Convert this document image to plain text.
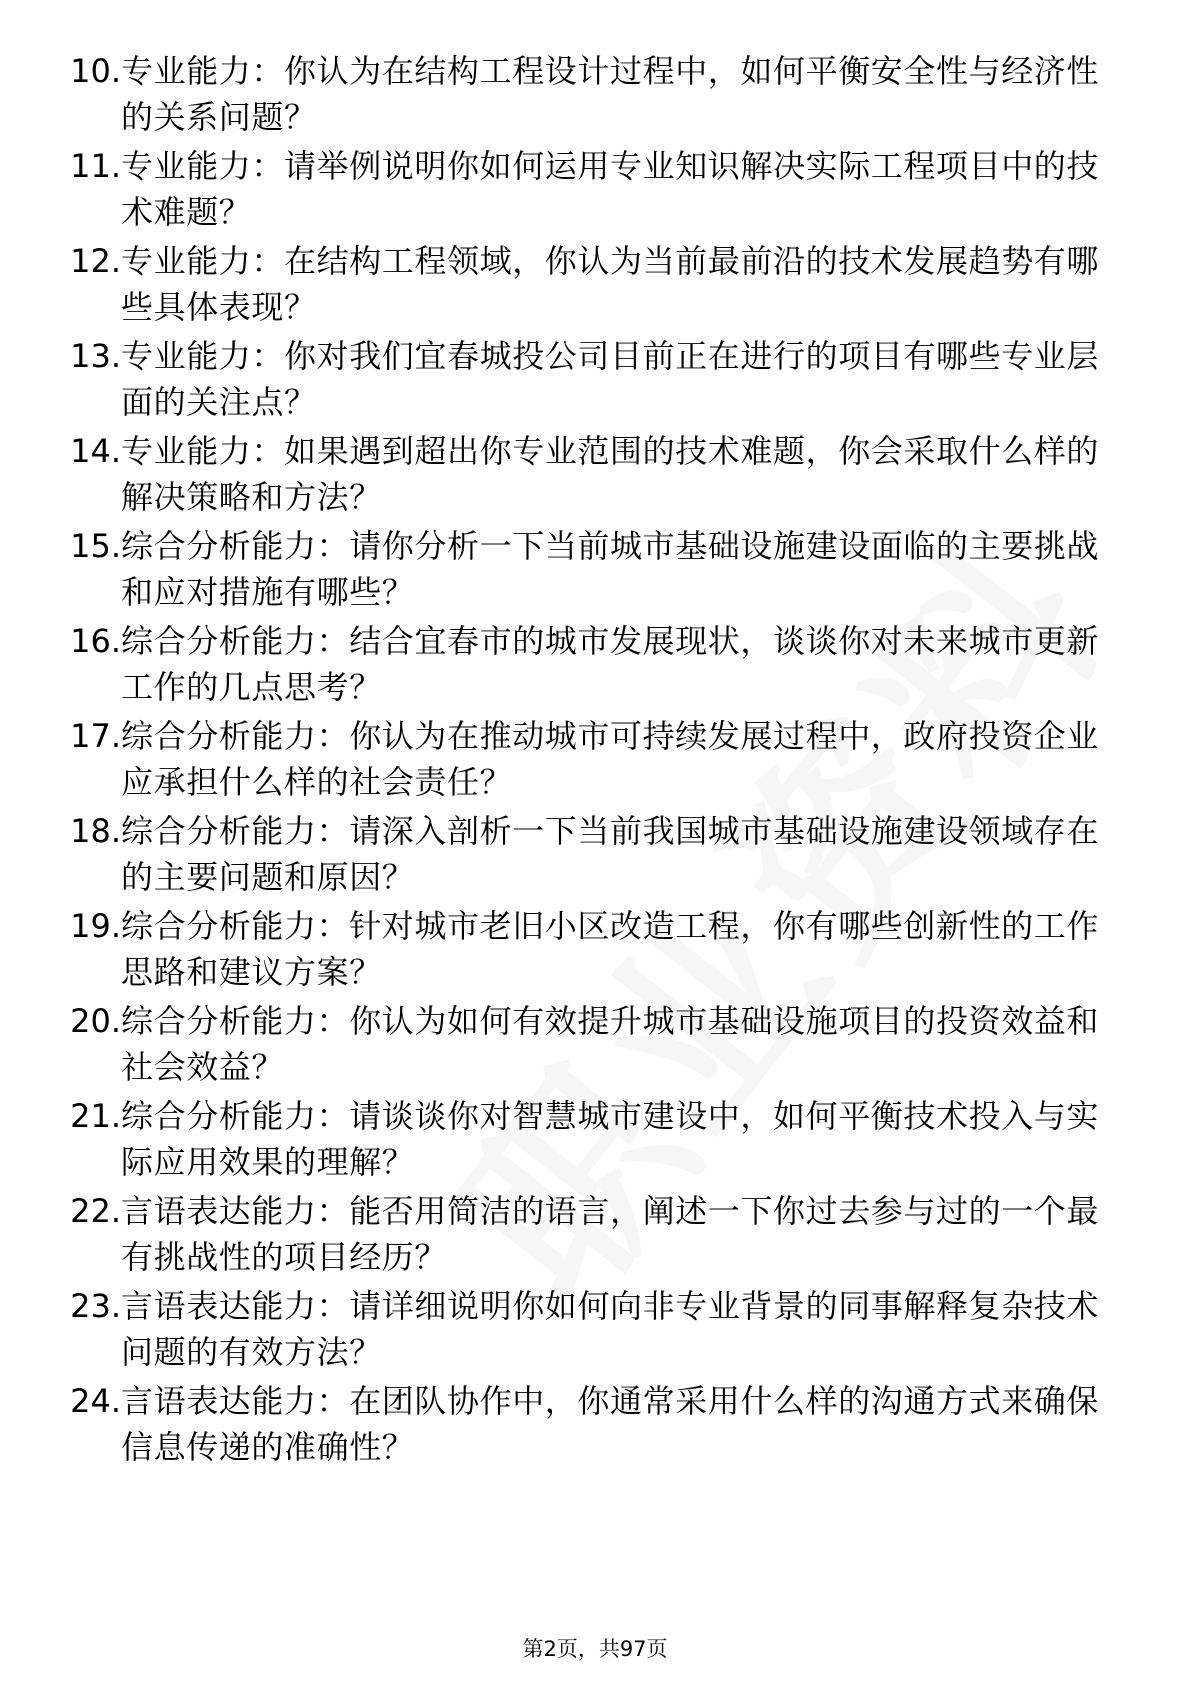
10. 专业能力：你认为在结构工程设计过程中，如何平衡安全性与经济性的关系问题？
11. 专业能力：请举例说明你如何运用专业知识解决实际工程项目中的技术难题？
12. 专业能力：在结构工程领域，你认为当前最前沿的技术发展趋势有哪些具体表现？
13. 专业能力：你对我们宜春城投公司目前正在进行的项目有哪些专业层面的关注点？
14. 专业能力：如果遇到超出你专业范围的技术难题，你会采取什么样的解决策略和方法？
15. 综合分析能力：请你分析一下当前城市基础设施建设面临的主要挑战和应对措施有哪些？
16. 综合分析能力：结合宜春市的城市发展现状，谈谈你对未来城市更新工作的几点思考？
17. 综合分析能力：你认为在推动城市可持续发展过程中，政府投资企业应承担什么样的社会责任？
18. 综合分析能力：请深入剖析一下当前我国城市基础设施建设领域存在的主要问题和原因？
19. 综合分析能力：针对城市老旧小区改造工程，你有哪些创新性的工作思路和建议方案？
20. 综合分析能力：你认为如何有效提升城市基础设施项目的投资效益和社会效益？
21. 综合分析能力：请谈谈你对智慧城市建设中，如何平衡技术投入与实际应用效果的理解？
22. 言语表达能力：能否用简洁的语言，阐述一下你过去参与过的一个最有挑战性的项目经历？
23. 言语表达能力：请详细说明你如何向非专业背景的同事解释复杂技术问题的有效方法？
24. 言语表达能力：在团队协作中，你通常采用什么样的沟通方式来确保信息传递的准确性？
第2页，共97页
